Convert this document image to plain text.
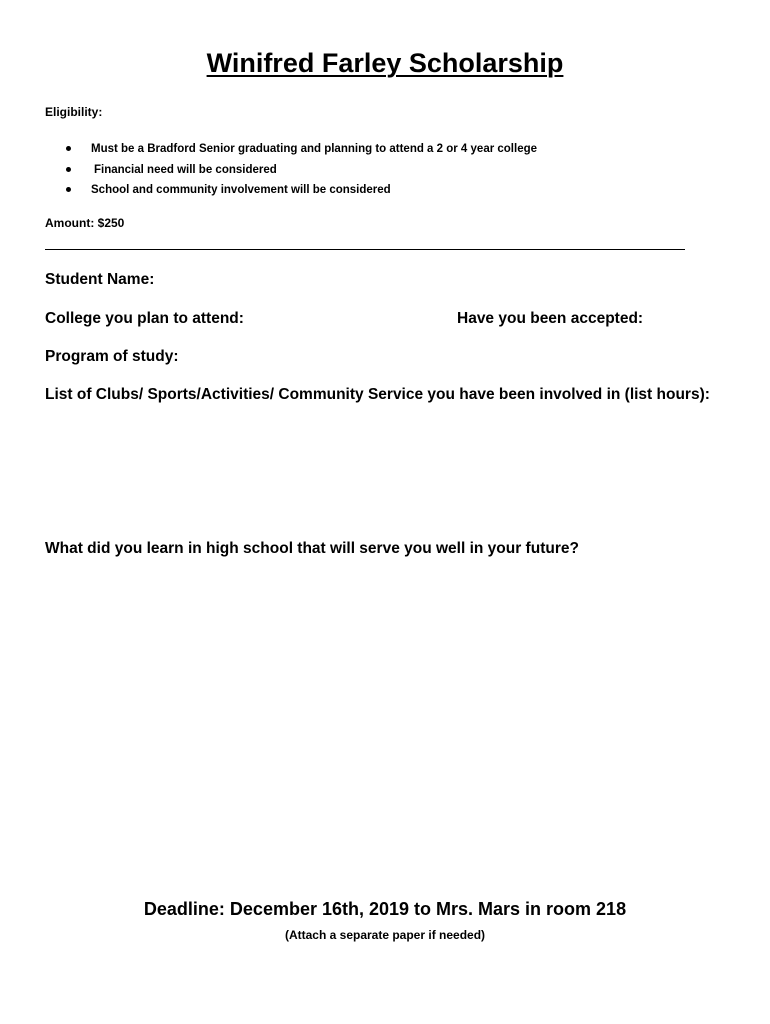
Winifred Farley Scholarship
Eligibility:
Must be a Bradford Senior graduating and planning to attend a 2 or 4 year college
Financial need will be considered
School and community involvement will be considered
Amount: $250
Student Name:
College you plan to attend:	Have you been accepted:
Program of study:
List of Clubs/ Sports/Activities/ Community Service you have been involved in (list hours):
What did you learn in high school that will serve you well in your future?
Deadline: December 16th, 2019 to Mrs. Mars in room 218
(Attach a separate paper if needed)
